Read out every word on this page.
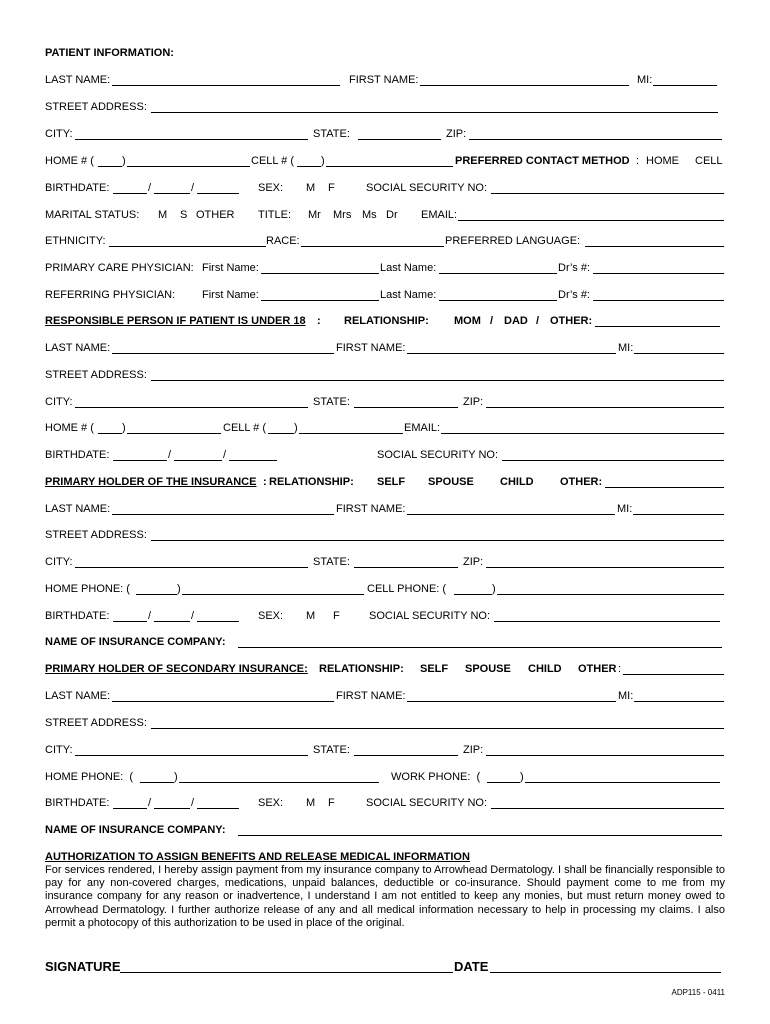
PATIENT INFORMATION:
LAST NAME:	FIRST NAME:	MI:
STREET ADDRESS:
CITY:	STATE:	ZIP:
HOME # (	)	CELL # ( )	PREFERRED CONTACT METHOD : HOME CELL
BIRTHDATE:	/	/	SEX: M F	SOCIAL SECURITY NO:
MARITAL STATUS: M S OTHER TITLE: Mr Mrs Ms Dr EMAIL:
ETHNICITY:	RACE:	PREFERRED LANGUAGE:
PRIMARY CARE PHYSICIAN: First Name:	Last Name:	Dr’s #:
REFERRING PHYSICIAN: First Name:	Last Name:	Dr’s #:
RESPONSIBLE PERSON IF PATIENT IS UNDER 18 : RELATIONSHIP: MOM / DAD / OTHER:
LAST NAME:	FIRST NAME:	MI:
STREET ADDRESS:
CITY:	STATE:	ZIP:
HOME # (	)	CELL # (	)	EMAIL:
BIRTHDATE:	/	/	SOCIAL SECURITY NO:
PRIMARY HOLDER OF THE INSURANCE : RELATIONSHIP: SELF SPOUSE CHILD OTHER:
LAST NAME:	FIRST NAME:	MI:
STREET ADDRESS:
CITY:	STATE:	ZIP:
HOME PHONE: (	)	CELL PHONE: (	)
BIRTHDATE:	/	/	SEX: M F	SOCIAL SECURITY NO:
NAME OF INSURANCE COMPANY:
PRIMARY HOLDER OF SECONDARY INSURANCE: RELATIONSHIP: SELF SPOUSE CHILD OTHER :
LAST NAME:	FIRST NAME:	MI:
STREET ADDRESS:
CITY:	STATE:	ZIP:
HOME PHONE:  (	)	WORK PHONE:  (	)
BIRTHDATE:	/	/	SEX: M F	SOCIAL SECURITY NO:
NAME OF INSURANCE COMPANY:
AUTHORIZATION TO ASSIGN BENEFITS AND RELEASE MEDICAL INFORMATION
For services rendered, I hereby assign payment from my insurance company to Arrowhead Dermatology. I shall be financially responsible to pay for any non-covered charges, medications, unpaid balances, deductible or co-insurance. Should payment come to me from my insurance company for any reason or inadvertence, I understand I am not entitled to keep any monies, but must return money owed to Arrowhead Dermatology. I further authorize release of any and all medical information necessary to help in processing my claims. I also permit a photocopy of this authorization to be used in place of the original.
SIGNATURE	DATE
ADP115 - 0411
